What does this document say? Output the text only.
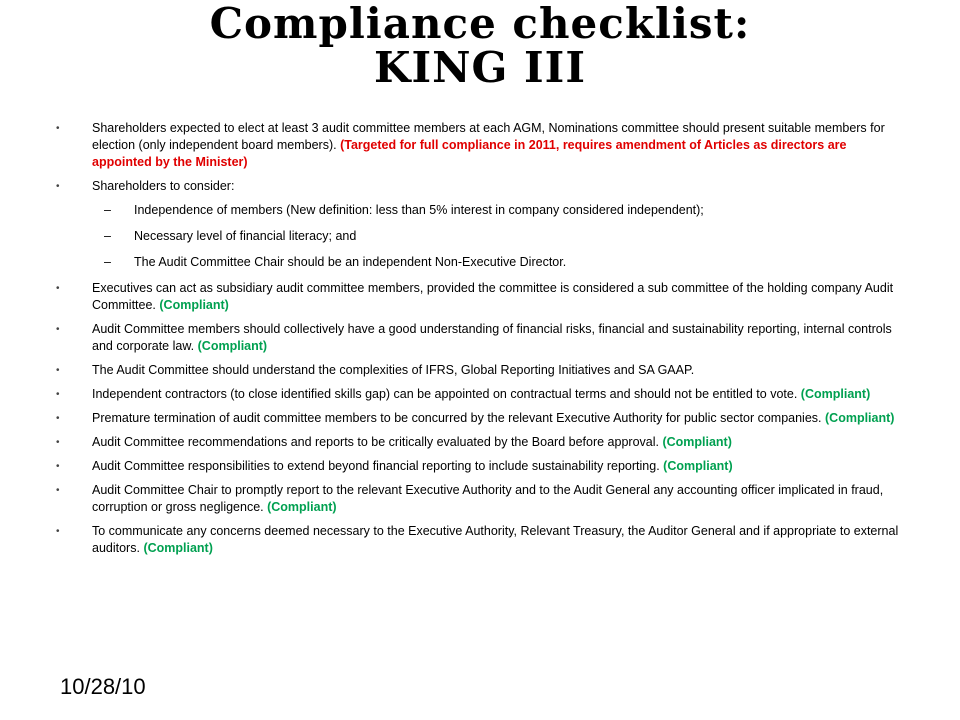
Compliance checklist:
KING III
•	Shareholders expected to elect at least 3 audit committee members at each AGM, Nominations committee should present suitable members for election (only independent board members). (Targeted for full compliance in 2011, requires amendment of Articles as directors are appointed by the Minister)
•	Shareholders to consider:
– Independence of members (New definition: less than 5% interest in company considered independent);
– Necessary level of financial literacy; and
– The Audit Committee Chair should be an independent Non-Executive Director.
•	Executives can act as subsidiary audit committee members, provided the committee is considered a sub committee of the holding company Audit Committee. (Compliant)
•	Audit Committee members should collectively have a good understanding of financial risks, financial and sustainability reporting, internal controls and corporate law. (Compliant)
•	The Audit Committee should understand the complexities of IFRS, Global Reporting Initiatives and SA GAAP.
•	Independent contractors (to close identified skills gap) can be appointed on contractual terms and should not be entitled to vote. (Compliant)
•	Premature termination of audit committee members to be concurred by the relevant Executive Authority for public sector companies. (Compliant)
•	Audit Committee recommendations and reports to be critically evaluated by the Board before approval. (Compliant)
•	Audit Committee responsibilities to extend beyond financial reporting to include sustainability reporting. (Compliant)
•	Audit Committee Chair to promptly report to the relevant Executive Authority and to the Audit General any accounting officer implicated in fraud, corruption or gross negligence. (Compliant)
•	To communicate any concerns deemed necessary to the Executive Authority, Relevant Treasury, the Auditor General and if appropriate to external auditors. (Compliant)
10/28/10
